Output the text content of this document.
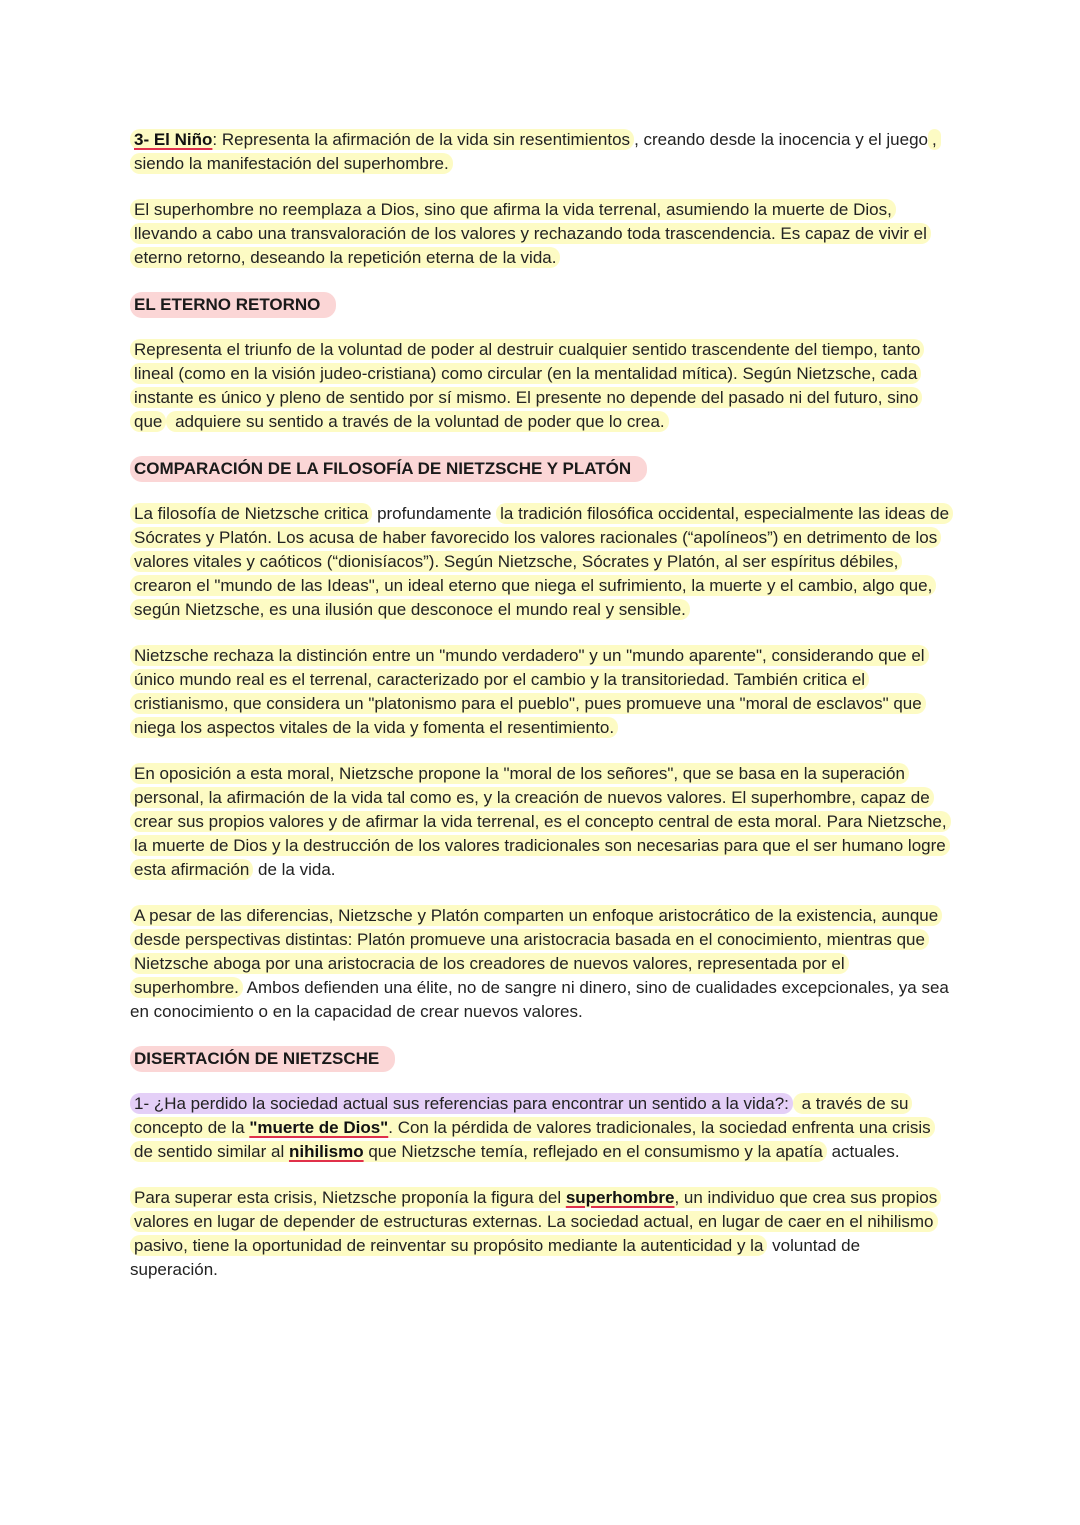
3- El Niño: Representa la afirmación de la vida sin resentimientos , creando desde la inocencia y el juego , siendo la manifestación del superhombre.

El superhombre no reemplaza a Dios, sino que afirma la vida terrenal, asumiendo la muerte de Dios, llevando a cabo una transvaloración de los valores y rechazando toda trascendencia. Es capaz de vivir el eterno retorno, deseando la repetición eterna de la vida.

EL ETERNO RETORNO

Representa el triunfo de la voluntad de poder al destruir cualquier sentido trascendente del tiempo, tanto lineal (como en la visión judeo-cristiana) como circular (en la mentalidad mítica). Según Nietzsche, cada instante es único y pleno de sentido por sí mismo. El presente no depende del pasado ni del futuro, sino que adquiere su sentido a través de la voluntad de poder que lo crea.

COMPARACIÓN DE LA FILOSOFÍA DE NIETZSCHE Y PLATÓN

La filosofía de Nietzsche critica profundamente la tradición filosófica occidental, especialmente las ideas de Sócrates y Platón. Los acusa de haber favorecido los valores racionales (“apolíneos”) en detrimento de los valores vitales y caóticos (“dionisíacos”). Según Nietzsche, Sócrates y Platón, al ser espíritus débiles, crearon el "mundo de las Ideas", un ideal eterno que niega el sufrimiento, la muerte y el cambio, algo que, según Nietzsche, es una ilusión que desconoce el mundo real y sensible.

Nietzsche rechaza la distinción entre un "mundo verdadero" y un "mundo aparente", considerando que el único mundo real es el terrenal, caracterizado por el cambio y la transitoriedad. También critica el cristianismo, que considera un "platonismo para el pueblo", pues promueve una "moral de esclavos" que niega los aspectos vitales de la vida y fomenta el resentimiento.

En oposición a esta moral, Nietzsche propone la "moral de los señores", que se basa en la superación personal, la afirmación de la vida tal como es, y la creación de nuevos valores. El superhombre, capaz de crear sus propios valores y de afirmar la vida terrenal, es el concepto central de esta moral. Para Nietzsche, la muerte de Dios y la destrucción de los valores tradicionales son necesarias para que el ser humano logre esta afirmación de la vida.

A pesar de las diferencias, Nietzsche y Platón comparten un enfoque aristocrático de la existencia, aunque desde perspectivas distintas: Platón promueve una aristocracia basada en el conocimiento, mientras que Nietzsche aboga por una aristocracia de los creadores de nuevos valores, representada por el superhombre. Ambos defienden una élite, no de sangre ni dinero, sino de cualidades excepcionales, ya sea en conocimiento o en la capacidad de crear nuevos valores.

DISERTACIÓN DE NIETZSCHE

1- ¿Ha perdido la sociedad actual sus referencias para encontrar un sentido a la vida?: a través de su concepto de la "muerte de Dios". Con la pérdida de valores tradicionales, la sociedad enfrenta una crisis de sentido similar al nihilismo que Nietzsche temía, reflejado en el consumismo y la apatía actuales.

Para superar esta crisis, Nietzsche proponía la figura del superhombre, un individuo que crea sus propios valores en lugar de depender de estructuras externas. La sociedad actual, en lugar de caer en el nihilismo pasivo, tiene la oportunidad de reinventar su propósito mediante la autenticidad y la voluntad de superación.
